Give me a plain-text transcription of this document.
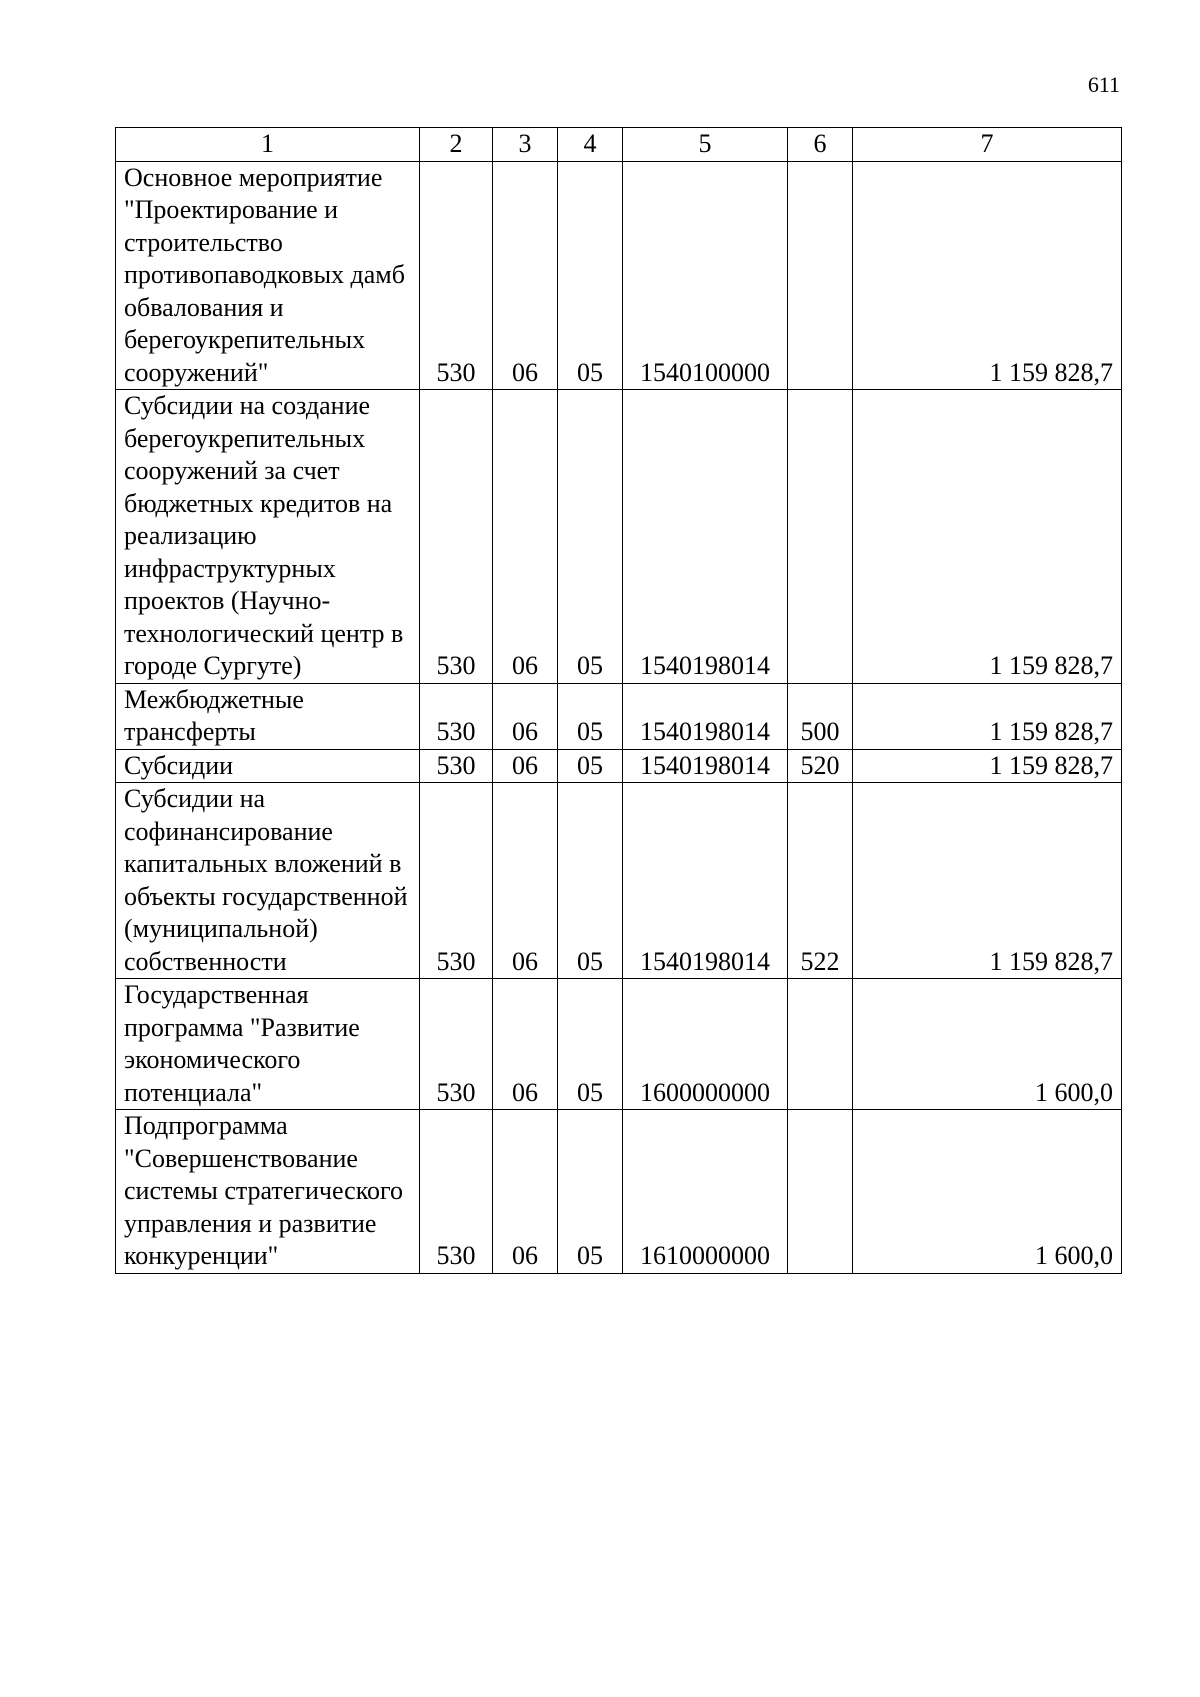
611
1	2	3	4	5	6	7
Основное мероприятие "Проектирование и строительство противопаводковых дамб обвалования и берегоукрепительных сооружений"	530	06	05	1540100000		1 159 828,7
Субсидии на создание берегоукрепительных сооружений за счет бюджетных кредитов на реализацию инфраструктурных проектов (Научно-технологический центр в городе Сургуте)	530	06	05	1540198014		1 159 828,7
Межбюджетные трансферты	530	06	05	1540198014	500	1 159 828,7
Субсидии	530	06	05	1540198014	520	1 159 828,7
Субсидии на софинансирование капитальных вложений в объекты государственной (муниципальной) собственности	530	06	05	1540198014	522	1 159 828,7
Государственная программа "Развитие экономического потенциала"	530	06	05	1600000000		1 600,0
Подпрограмма "Совершенствование системы стратегического управления и развитие конкуренции"	530	06	05	1610000000		1 600,0
